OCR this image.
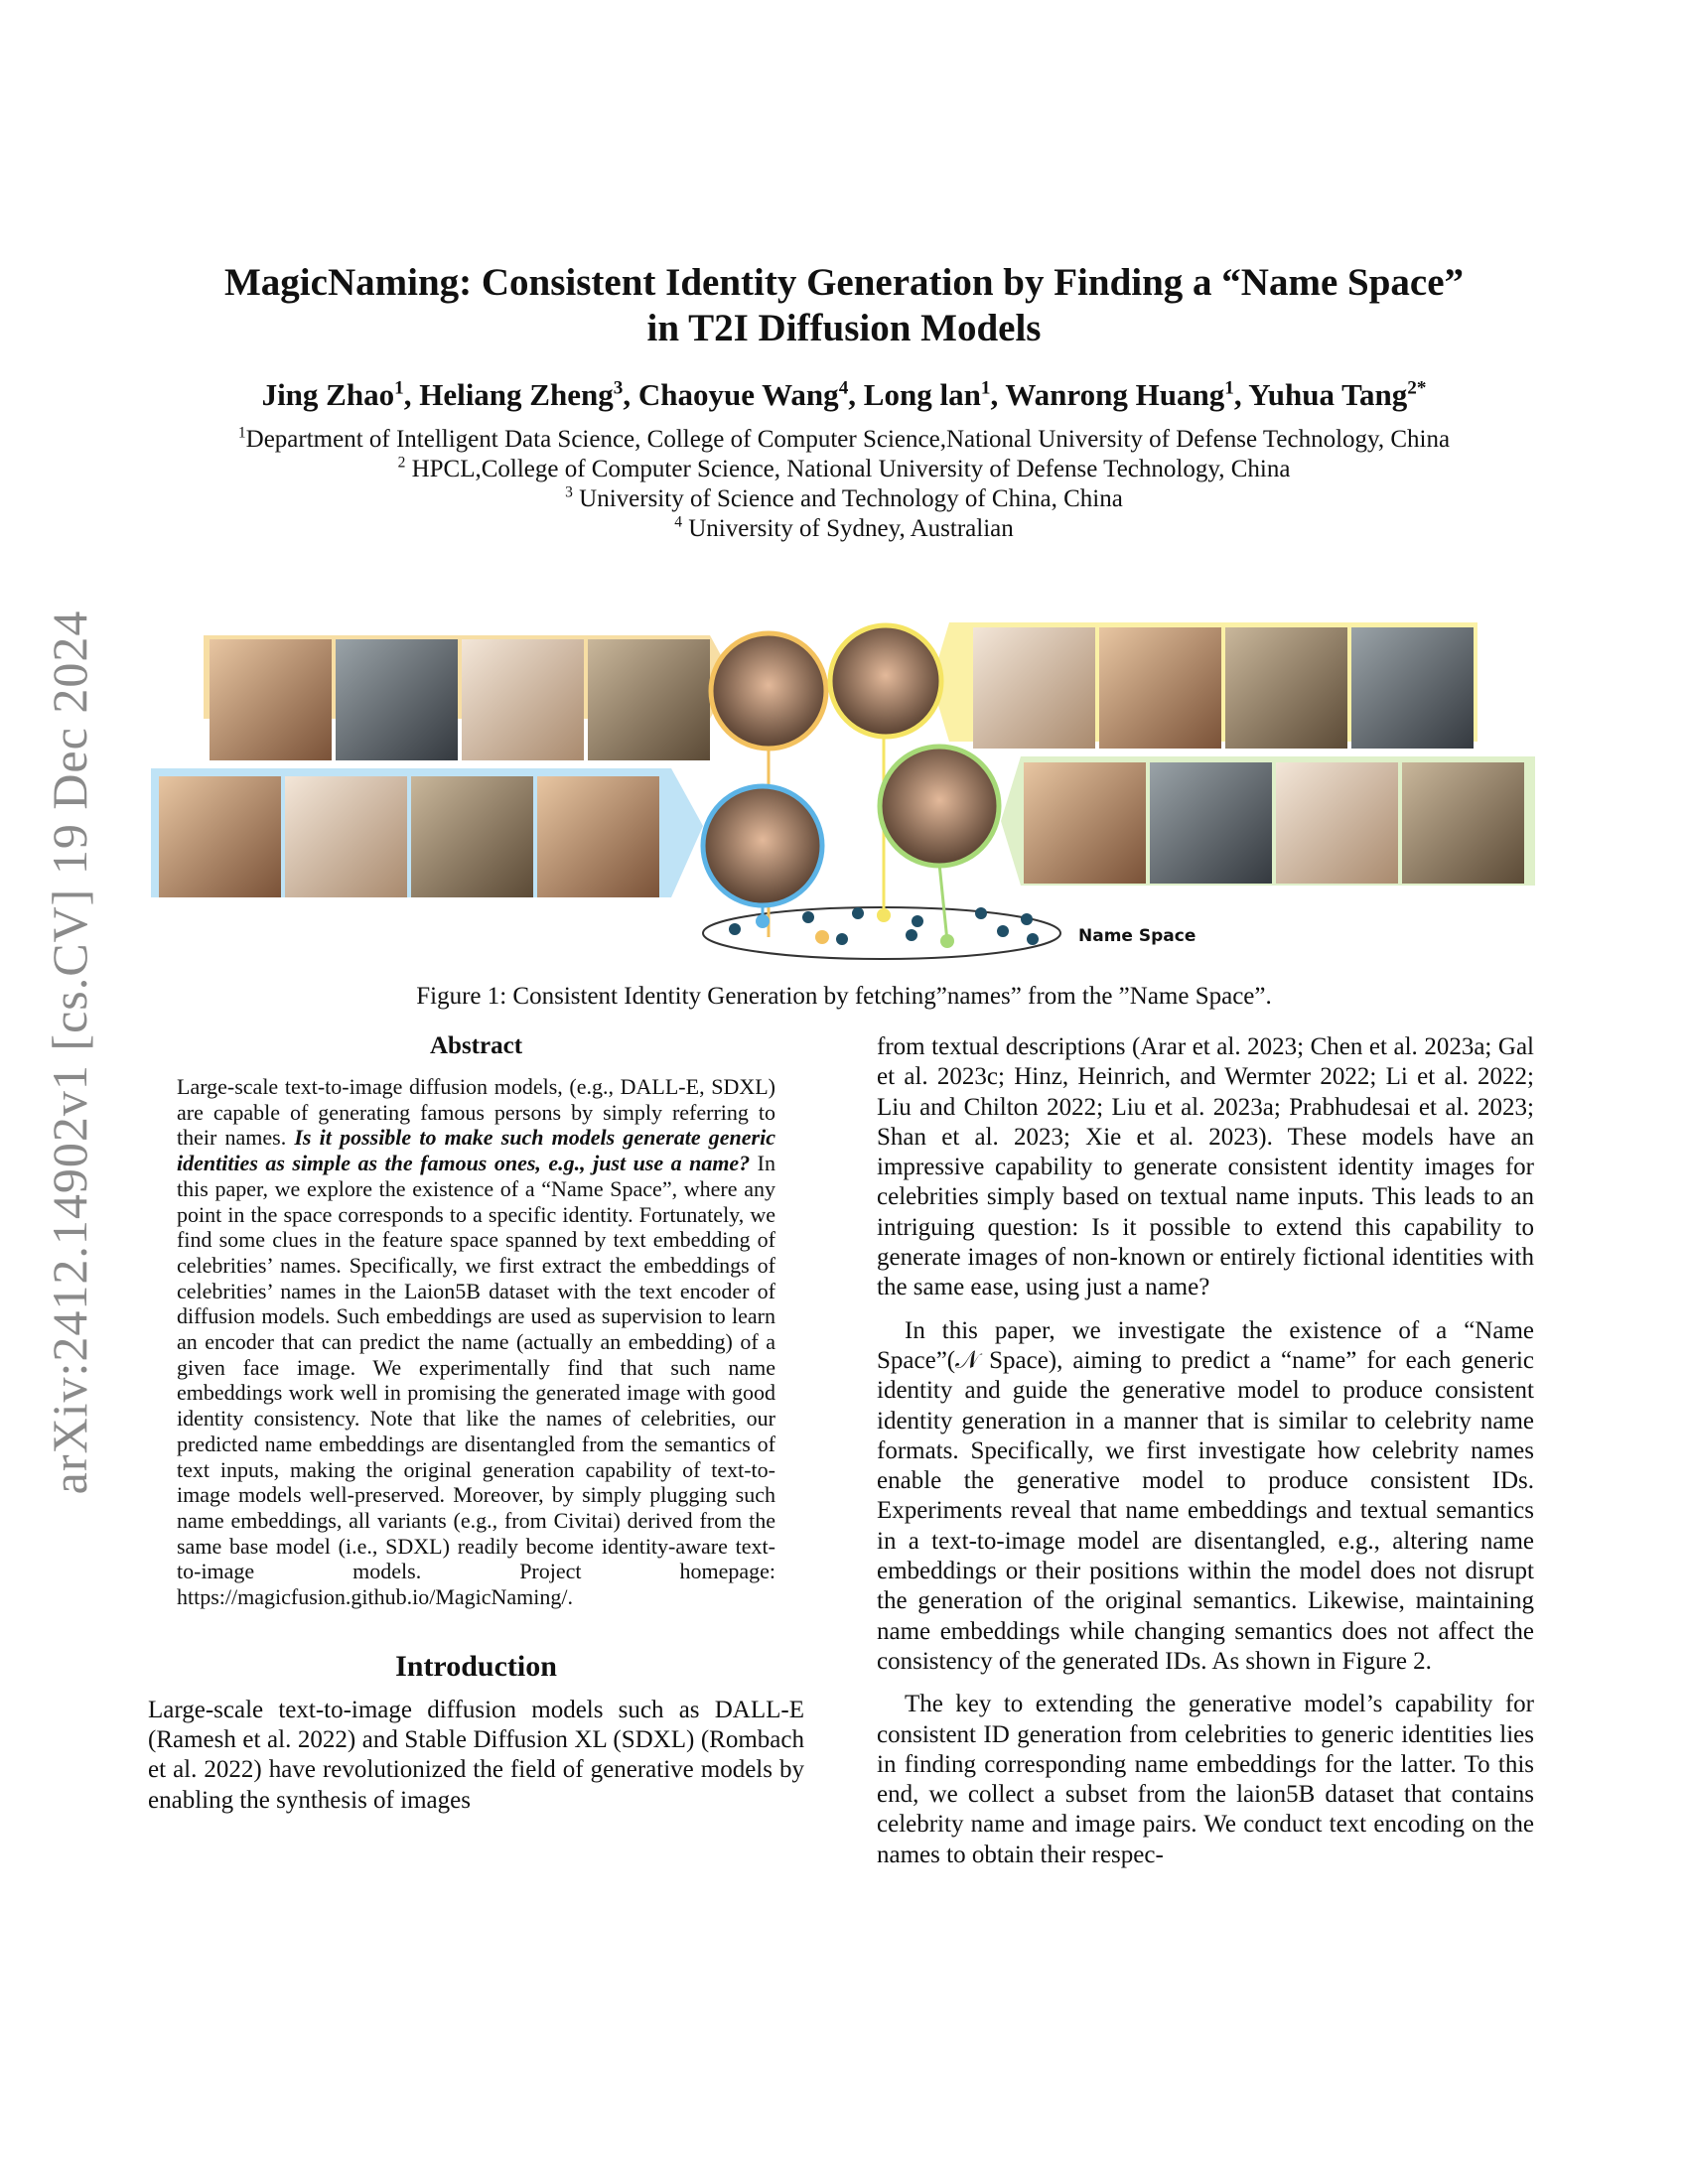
arXiv:2412.14902v1 [cs.CV] 19 Dec 2024
MagicNaming: Consistent Identity Generation by Finding a “Name Space”
in T2I Diffusion Models
Jing Zhao$^1$, Heliang Zheng$^3$, Chaoyue Wang$^4$, Long lan$^1$, Wanrong Huang$^1$, Yuhua Tang$^{2*}$
$^1$Department of Intelligent Data Science, College of Computer Science,National University of Defense Technology, China
$^2$ HPCL,College of Computer Science, National University of Defense Technology, China
$^3$ University of Science and Technology of China, China
$^4$ University of Sydney, Australian
Name Space
Figure 1: Consistent Identity Generation by fetching”names” from the ”Name Space”.
Abstract
Large-scale text-to-image diffusion models, (e.g., DALL-E, SDXL) are capable of generating famous persons by simply referring to their names. Is it possible to make such models generate generic identities as simple as the famous ones, e.g., just use a name? In this paper, we explore the existence of a “Name Space”, where any point in the space corresponds to a specific identity. Fortunately, we find some clues in the feature space spanned by text embedding of celebrities’ names. Specifically, we first extract the embeddings of celebrities’ names in the Laion5B dataset with the text encoder of diffusion models. Such embeddings are used as supervision to learn an encoder that can predict the name (actually an embedding) of a given face image. We experimentally find that such name embeddings work well in promising the generated image with good identity consistency. Note that like the names of celebrities, our predicted name embeddings are disentangled from the semantics of text inputs, making the original generation capability of text-to-image models well-preserved. Moreover, by simply plugging such name embeddings, all variants (e.g., from Civitai) derived from the same base model (i.e., SDXL) readily become identity-aware text-to-image models. Project homepage: https://magicfusion.github.io/MagicNaming/.
Introduction

Large-scale text-to-image diffusion models such as DALL-E (Ramesh et al. 2022) and Stable Diffusion XL (SDXL) (Rombach et al. 2022) have revolutionized the field of generative models by enabling the synthesis of images

from textual descriptions (Arar et al. 2023; Chen et al. 2023a; Gal et al. 2023c; Hinz, Heinrich, and Wermter 2022; Li et al. 2022; Liu and Chilton 2022; Liu et al. 2023a; Prabhudesai et al. 2023; Shan et al. 2023; Xie et al. 2023). These models have an impressive capability to generate consistent identity images for celebrities simply based on textual name inputs. This leads to an intriguing question: Is it possible to extend this capability to generate images of non-known or entirely fictional identities with the same ease, using just a name?

In this paper, we investigate the existence of a “Name Space”(𝒩 Space), aiming to predict a “name” for each generic identity and guide the generative model to produce consistent identity generation in a manner that is similar to celebrity name formats. Specifically, we first investigate how celebrity names enable the generative model to produce consistent IDs. Experiments reveal that name embeddings and textual semantics in a text-to-image model are disentangled, e.g., altering name embeddings or their positions within the model does not disrupt the generation of the original semantics. Likewise, maintaining name embeddings while changing semantics does not affect the consistency of the generated IDs. As shown in Figure 2.

The key to extending the generative model’s capability for consistent ID generation from celebrities to generic identities lies in finding corresponding name embeddings for the latter. To this end, we collect a subset from the laion5B dataset that contains celebrity name and image pairs. We conduct text encoding on the names to obtain their respec-
